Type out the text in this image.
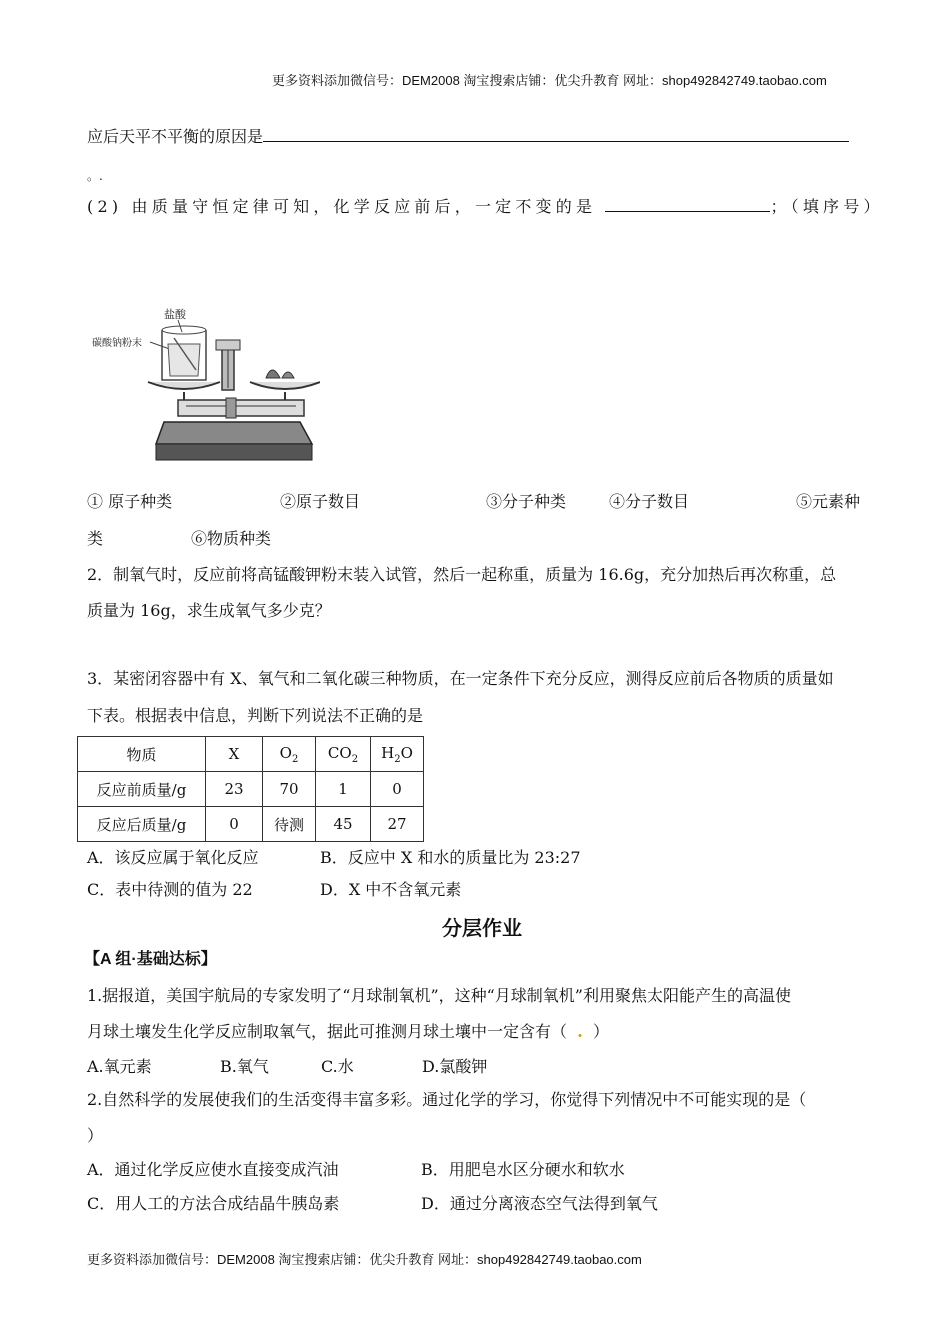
更多资料添加微信号：DEM2008 淘宝搜索店铺：优尖升教育 网址：shop492842749.taobao.com
应后天平不平衡的原因是
。.
(2) 由质量守恒定律可知，化学反应前后，一定不变的是	；（填序号）
盐酸
碳酸钠粉末
① 原子种类	②原子数目	③分子种类	④分子数目	⑤元素种
类	⑥物质种类
2．制氧气时，反应前将高锰酸钾粉末装入试管，然后一起称重，质量为 16.6g，充分加热后再次称重，总
质量为 16g，求生成氧气多少克？
3．某密闭容器中有 X、氧气和二氧化碳三种物质，在一定条件下充分反应，测得反应前后各物质的质量如
下表。根据表中信息，判断下列说法不正确的是
物质	X	$O_2$	$CO_2$	$H_2O$
反应前质量/g	23	70	1	0
反应后质量/g	0	待测	45	27
A．该反应属于氧化反应	B．反应中 X 和水的质量比为 23:27
C．表中待测的值为 22	D．X 中不含氧元素
分层作业
【A 组·基础达标】
1.据报道，美国宇航局的专家发明了“月球制氧机”，这种“月球制氧机”利用聚焦太阳能产生的高温使
月球土壤发生化学反应制取氧气，据此可推测月球土壤中一定含有（ . ）
A.氧元素	B.氧气	C.水	D.氯酸钾
2.自然科学的发展使我们的生活变得丰富多彩。通过化学的学习，你觉得下列情况中不可能实现的是（
）
A．通过化学反应使水直接变成汽油	B．用肥皂水区分硬水和软水
C．用人工的方法合成结晶牛胰岛素	D．通过分离液态空气法得到氧气
更多资料添加微信号：DEM2008 淘宝搜索店铺：优尖升教育 网址：shop492842749.taobao.com
